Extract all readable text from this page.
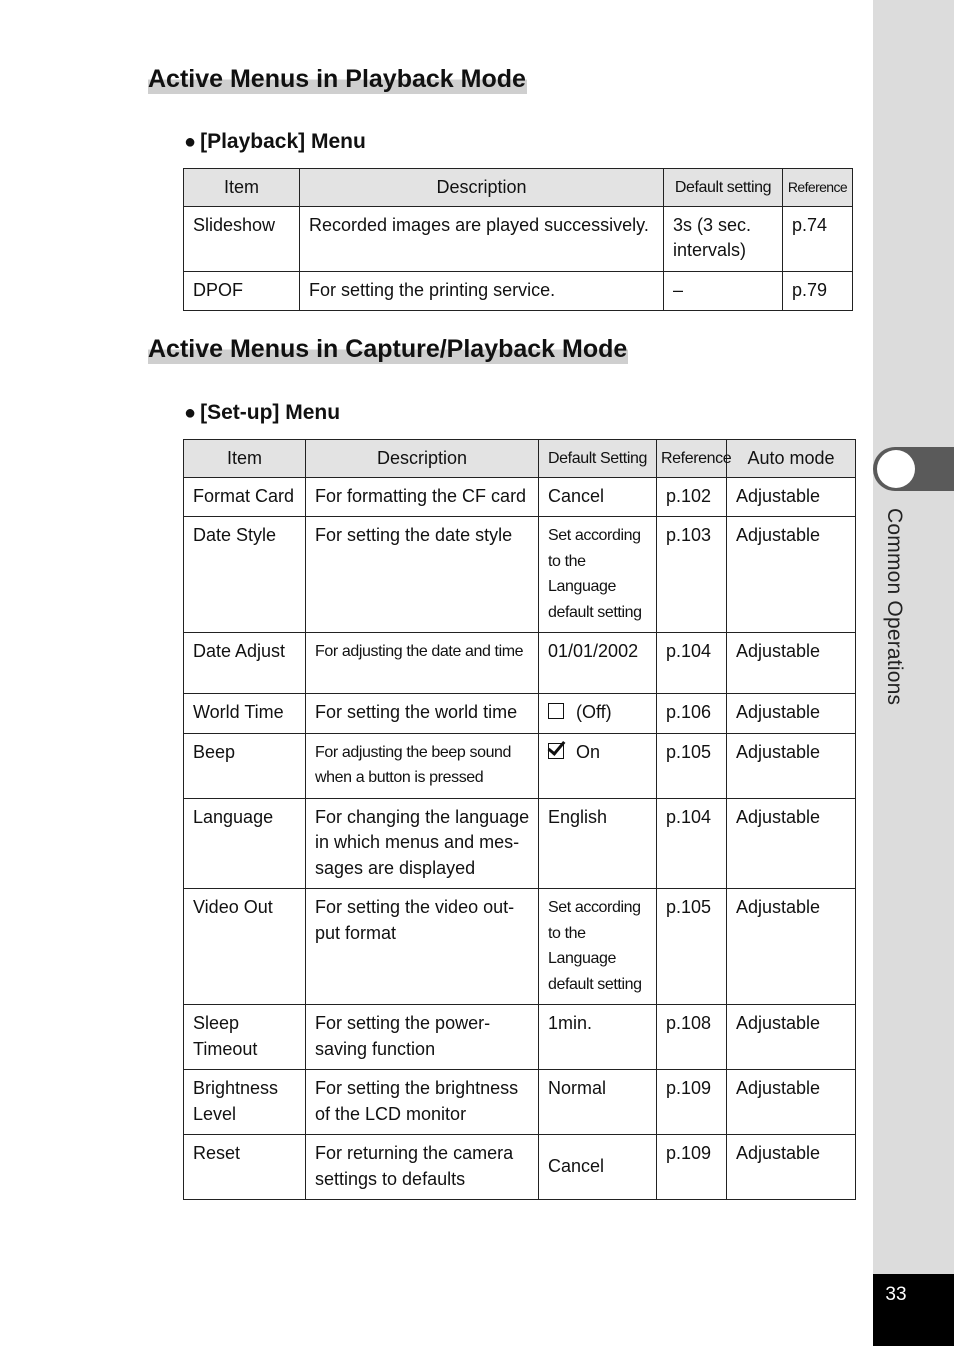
Common Operations
33
Active Menus in Playback Mode
● [Playback] Menu
Item	Description	Default setting	Reference
Slideshow	Recorded images are played successively.	3s (3 sec. intervals)	p.74
DPOF	For setting the printing service.	–	p.79
Active Menus in Capture/Playback Mode
● [Set-up] Menu
Item	Description	Default Setting	Reference	Auto mode
Format Card	For formatting the CF card	Cancel	p.102	Adjustable
Date Style	For setting the date style	Set according to the Language default setting	p.103	Adjustable
Date Adjust	For adjusting the date and time	01/01/2002	p.104	Adjustable
World Time	For setting the world time	(Off)	p.106	Adjustable
Beep	For adjusting the beep sound when a button is pressed	On	p.105	Adjustable
Language	For changing the language in which menus and mes-sages are displayed	English	p.104	Adjustable
Video Out	For setting the video out-put format	Set according to the Language default setting	p.105	Adjustable
Sleep Timeout	For setting the power-saving function	1min.	p.108	Adjustable
Brightness Level	For setting the brightness of the LCD monitor	Normal	p.109	Adjustable
Reset	For returning the camera settings to defaults	Cancel	p.109	Adjustable
